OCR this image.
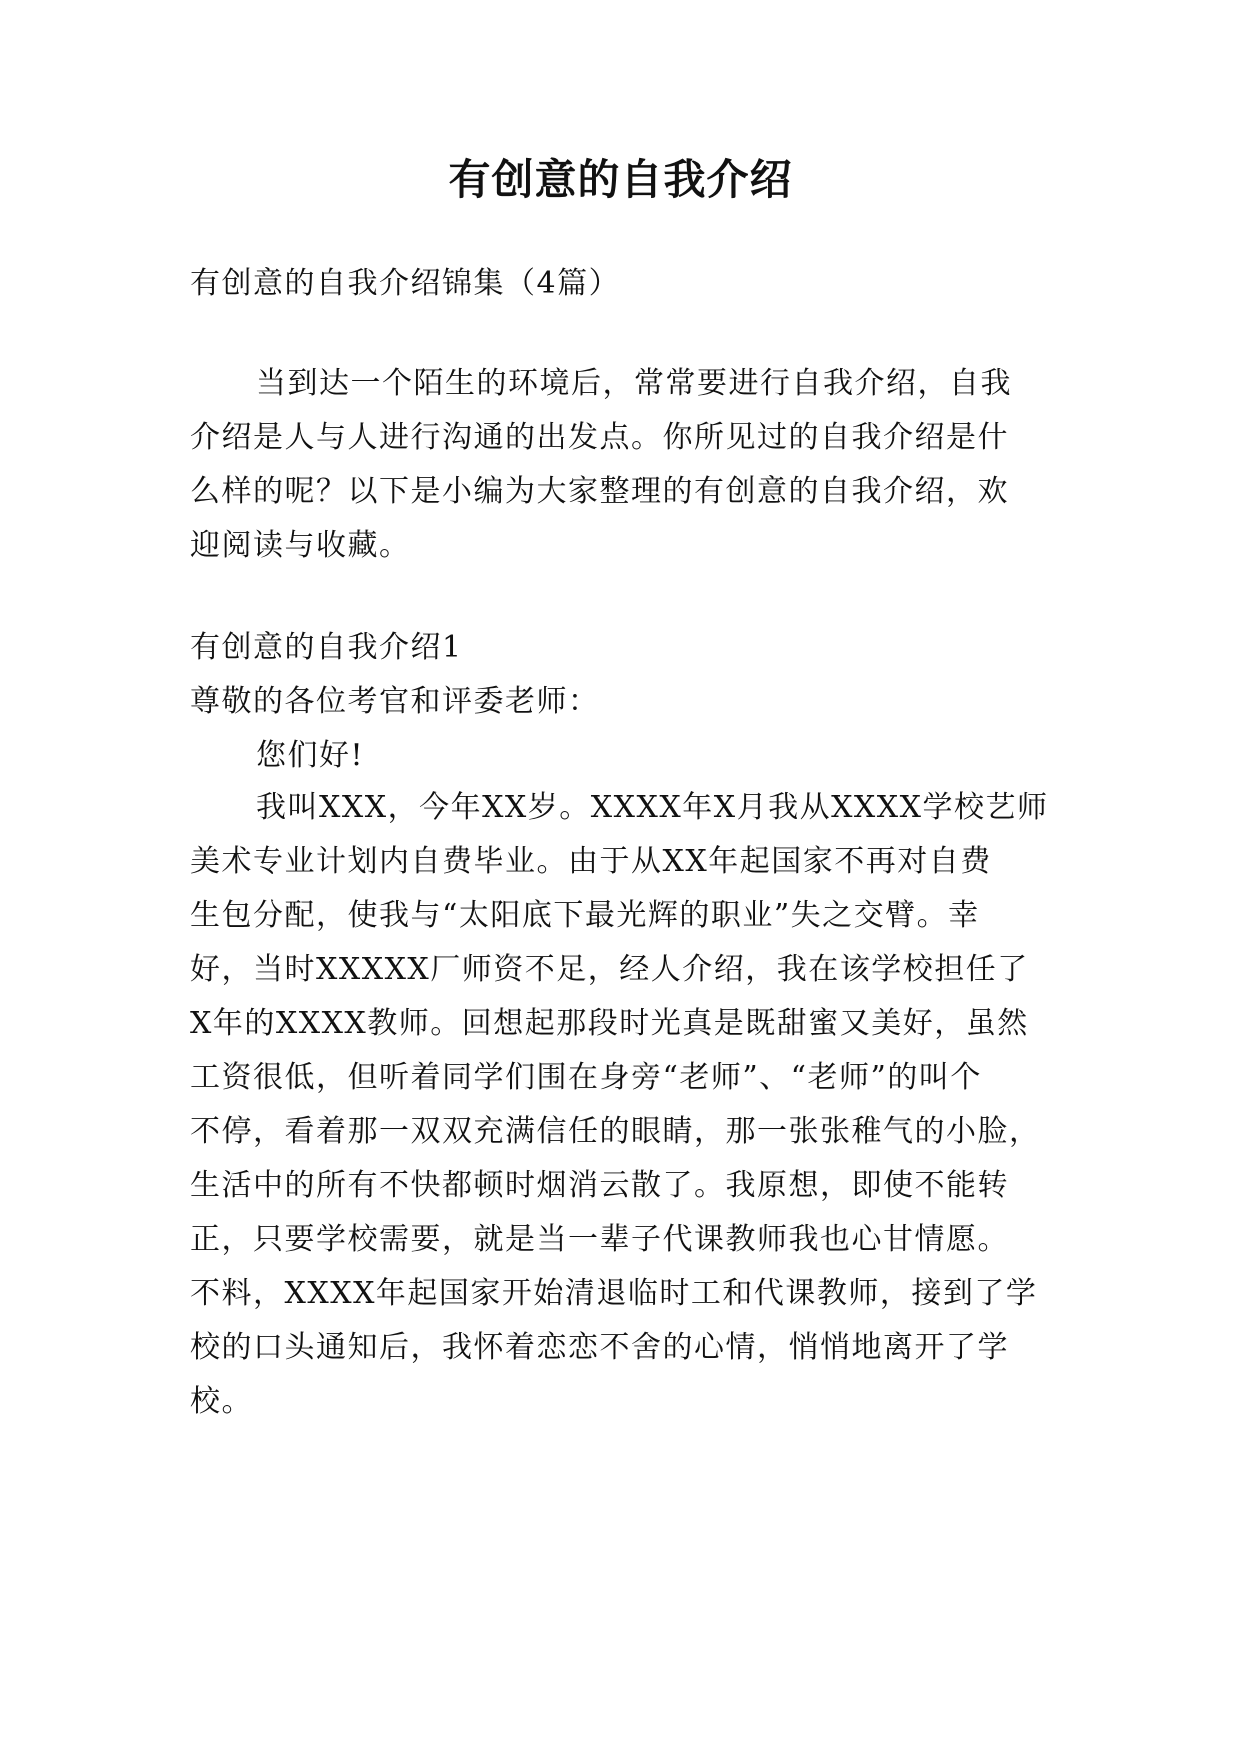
有创意的自我介绍
有创意的自我介绍锦集（4篇）
当到达一个陌生的环境后，常常要进行自我介绍，自我
介绍是人与人进行沟通的出发点。你所见过的自我介绍是什
么样的呢？以下是小编为大家整理的有创意的自我介绍，欢
迎阅读与收藏。
有创意的自我介绍1
尊敬的各位考官和评委老师：
您们好!
我叫XXX，今年XX岁。XXXX年X月我从XXXX学校艺师
美术专业计划内自费毕业。由于从XX年起国家不再对自费
生包分配，使我与“太阳底下最光辉的职业”失之交臂。幸
好，当时XXXXX厂师资不足，经人介绍，我在该学校担任了
X年的XXXX教师。回想起那段时光真是既甜蜜又美好，虽然
工资很低，但听着同学们围在身旁“老师”、“老师”的叫个
不停，看着那一双双充满信任的眼睛，那一张张稚气的小脸，
生活中的所有不快都顿时烟消云散了。我原想，即使不能转
正，只要学校需要，就是当一辈子代课教师我也心甘情愿。
不料，XXXX年起国家开始清退临时工和代课教师，接到了学
校的口头通知后，我怀着恋恋不舍的心情，悄悄地离开了学
校。
